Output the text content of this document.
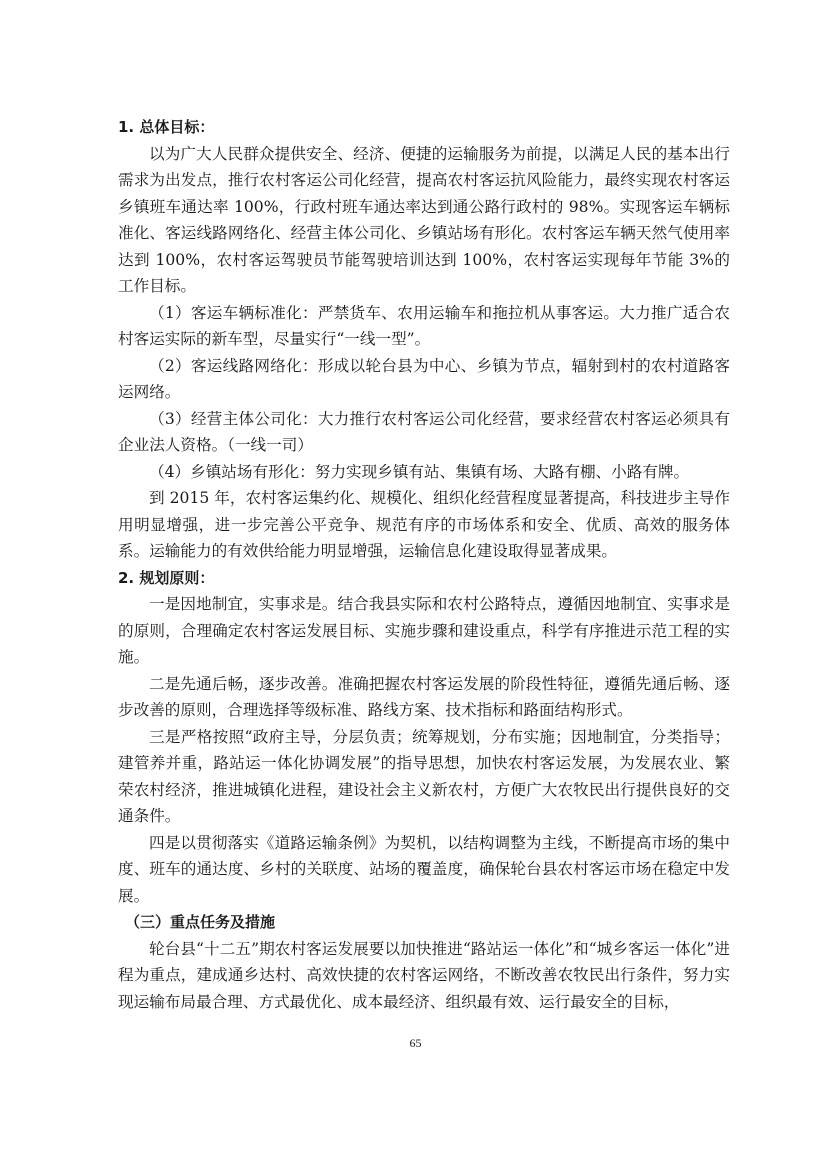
1. 总体目标：

以为广大人民群众提供安全、经济、便捷的运输服务为前提，以满足人民的基本出行需求为出发点，推行农村客运公司化经营，提高农村客运抗风险能力，最终实现农村客运乡镇班车通达率 100%，行政村班车通达率达到通公路行政村的 98%。实现客运车辆标准化、客运线路网络化、经营主体公司化、乡镇站场有形化。农村客运车辆天然气使用率达到 100%，农村客运驾驶员节能驾驶培训达到 100%，农村客运实现每年节能 3%的工作目标。

（1）客运车辆标准化：严禁货车、农用运输车和拖拉机从事客运。大力推广适合农村客运实际的新车型，尽量实行“一线一型”。

（2）客运线路网络化：形成以轮台县为中心、乡镇为节点，辐射到村的农村道路客运网络。

（3）经营主体公司化：大力推行农村客运公司化经营，要求经营农村客运必须具有企业法人资格。（一线一司）

（4）乡镇站场有形化：努力实现乡镇有站、集镇有场、大路有棚、小路有牌。

到 2015 年，农村客运集约化、规模化、组织化经营程度显著提高，科技进步主导作用明显增强，进一步完善公平竞争、规范有序的市场体系和安全、优质、高效的服务体系。运输能力的有效供给能力明显增强，运输信息化建设取得显著成果。

2. 规划原则：

一是因地制宜，实事求是。结合我县实际和农村公路特点，遵循因地制宜、实事求是的原则，合理确定农村客运发展目标、实施步骤和建设重点，科学有序推进示范工程的实施。

二是先通后畅，逐步改善。准确把握农村客运发展的阶段性特征，遵循先通后畅、逐步改善的原则，合理选择等级标准、路线方案、技术指标和路面结构形式。

三是严格按照“政府主导，分层负责；统筹规划，分布实施；因地制宜，分类指导；建管养并重，路站运一体化协调发展”的指导思想，加快农村客运发展，为发展农业、繁荣农村经济，推进城镇化进程，建设社会主义新农村，方便广大农牧民出行提供良好的交通条件。

四是以贯彻落实《道路运输条例》为契机，以结构调整为主线，不断提高市场的集中度、班车的通达度、乡村的关联度、站场的覆盖度，确保轮台县农村客运市场在稳定中发展。

（三）重点任务及措施

轮台县“十二五”期农村客运发展要以加快推进“路站运一体化”和“城乡客运一体化”进程为重点，建成通乡达村、高效快捷的农村客运网络，不断改善农牧民出行条件，努力实现运输布局最合理、方式最优化、成本最经济、组织最有效、运行最安全的目标，

65
